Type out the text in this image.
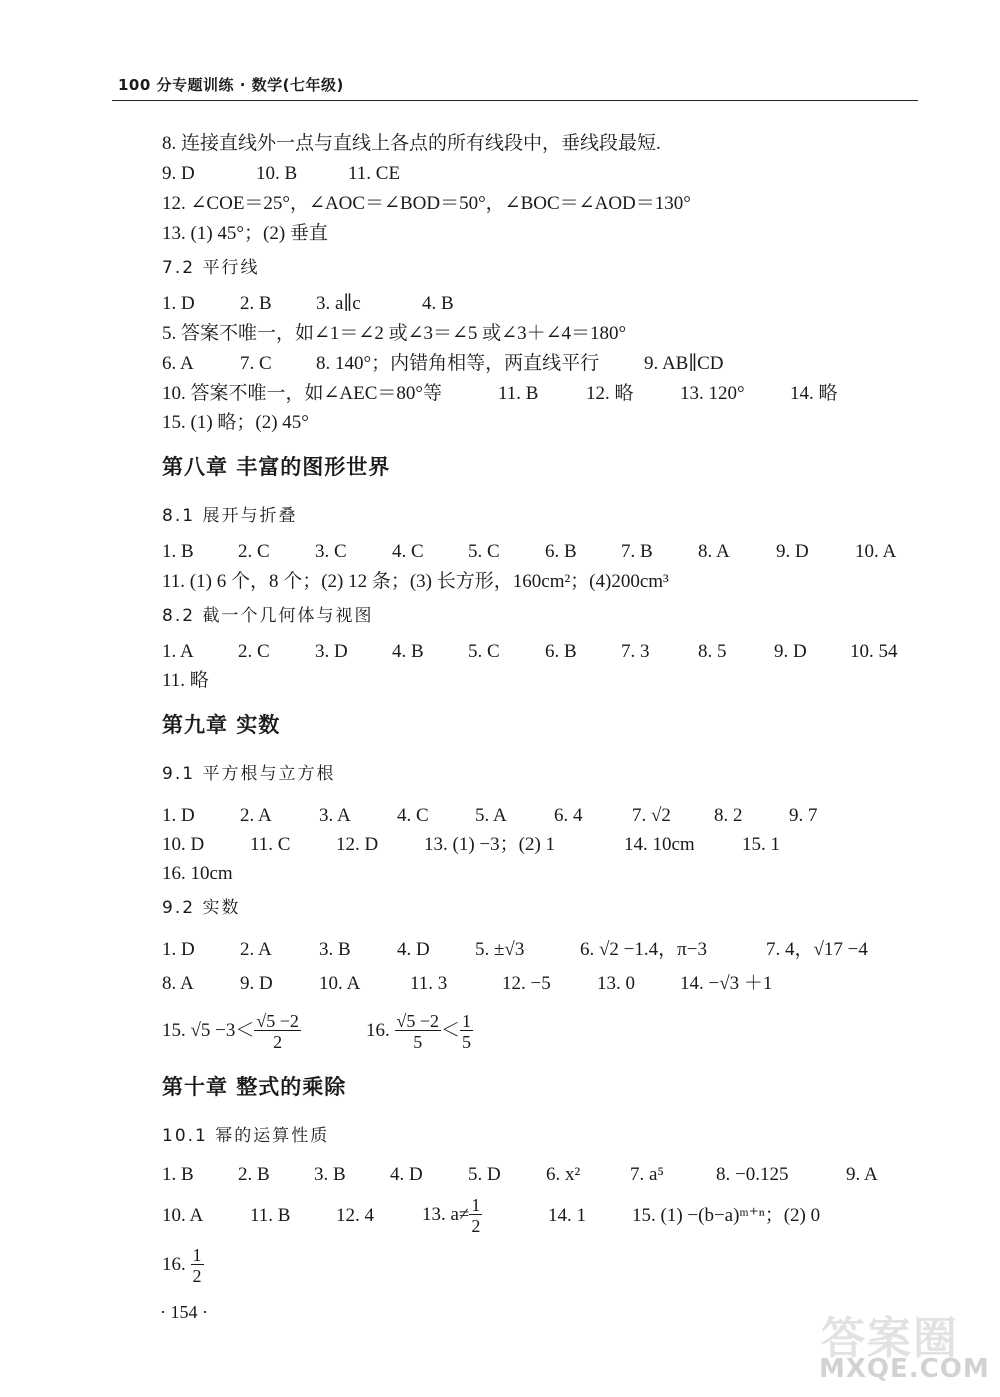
100 分专题训练 · 数学(七年级)
8. 连接直线外一点与直线上各点的所有线段中，垂线段最短.
9. D	10. B	11. CE
12. ∠COE＝25°，∠AOC＝∠BOD＝50°，∠BOC＝∠AOD＝130°
13. (1) 45°；(2) 垂直
7.2 平行线
1. D 2. B 3. a∥c	4. B
5. 答案不唯一，如∠1＝∠2 或∠3＝∠5 或∠3＋∠4＝180°
6. A 7. C 8. 140°；内错角相等，两直线平行 9. AB∥CD
10. 答案不唯一，如∠AEC＝80°等	11. B	12. 略 13. 120° 14. 略
15. (1) 略；(2) 45°
第八章 丰富的图形世界
8.1 展开与折叠
1. B 2. C 3. C 4. C 5. C 6. B 7. B 8. A 9. D 10. A
11. (1) 6 个，8 个；(2) 12 条；(3) 长方形，160cm²；(4)200cm³
8.2 截一个几何体与视图
1. A 2. C 3. D 4. B 5. C 6. B 7. 3	8. 5	9. D 10. 54
11. 略
第九章 实数
9.1 平方根与立方根
1. D 2. A 3. A 4. C 5. A 6. 4	7. √2 8. 2 9. 7
10. D 11. C 12. D 13. (1) −3；(2) 1	14. 10cm 15. 1
16. 10cm
9.2 实数
1. D 2. A 3. B 4. D 5. ±√3	6. √2 −1.4，π−3	7. 4，√17 −4
8. A 9. D 10. A	11. 3	12. −5 13. 0 14. −√3 ＋1
15. $√5 -3< \frac{√5 -2}{2}$	16. $\frac{√5 -2}{5} < \frac{1}{5}$
第十章 整式的乘除
10.1 幂的运算性质
1. B 2. B 3. B 4. D 5. D 6. x²	7. a⁵	8. −0.125	9. A
10. A 11. B 12. 4	13. $a\ne \frac{1}{2}$	14. 1 15. (1) −(b−a)ᵐ⁺ⁿ；(2) 0
16. $\frac{1}{2}$
· 154 ·
答案圈
MXQE.COM
